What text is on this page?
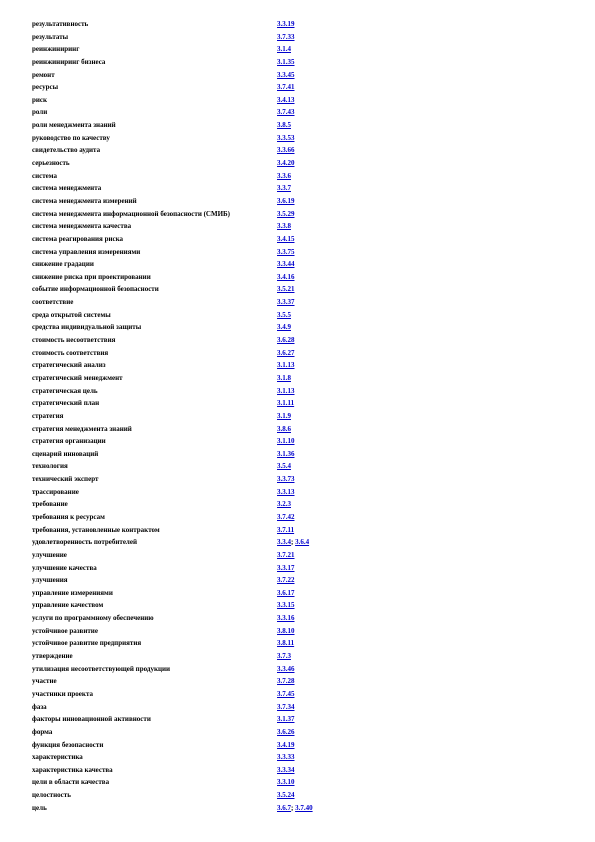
результативность	3.3.19
результаты	3.7.33
реинжиниринг	3.1.4
реинжиниринг бизнеса	3.1.35
ремонт	3.3.45
ресурсы	3.7.41
риск	3.4.13
роли	3.7.43
роли менеджмента знаний	3.8.5
руководство по качеству	3.3.53
свидетельство аудита	3.3.66
серьезность	3.4.20
система	3.3.6
система менеджмента	3.3.7
система менеджмента измерений	3.6.19
система менеджмента информационной безопасности (СМИБ)	3.5.29
система менеджмента качества	3.3.8
система реагирования риска	3.4.15
система управления измерениями	3.3.75
снижение градации	3.3.44
снижение риска при проектировании	3.4.16
событие информационной безопасности	3.5.21
соответствие	3.3.37
среда открытой системы	3.5.5
средства индивидуальной защиты	3.4.9
стоимость несоответствия	3.6.28
стоимость соответствия	3.6.27
стратегический анализ	3.1.13
стратегический менеджмент	3.1.8
стратегическая цель	3.1.13
стратегический план	3.1.11
стратегия	3.1.9
стратегия менеджмента знаний	3.8.6
стратегия организации	3.1.10
сценарий инноваций	3.1.36
технология	3.5.4
технический эксперт	3.3.73
трассирование	3.3.13
требование	3.2.3
требования к ресурсам	3.7.42
требования, установленные контрактом	3.7.11
удовлетворенность потребителей	3.3.4; 3.6.4
улучшение	3.7.21
улучшение качества	3.3.17
улучшения	3.7.22
управление измерениями	3.6.17
управление качеством	3.3.15
услуги по программному обеспечению	3.3.16
устойчивое развитие	3.8.10
устойчивое развитие предприятия	3.8.11
утверждение	3.7.3
утилизация несоответствующей продукции	3.3.46
участие	3.7.28
участники проекта	3.7.45
фаза	3.7.34
факторы инновационной активности	3.1.37
форма	3.6.26
функция безопасности	3.4.19
характеристика	3.3.33
характеристика качества	3.3.34
цели в области качества	3.3.10
целостность	3.5.24
цель	3.6.7; 3.7.40
